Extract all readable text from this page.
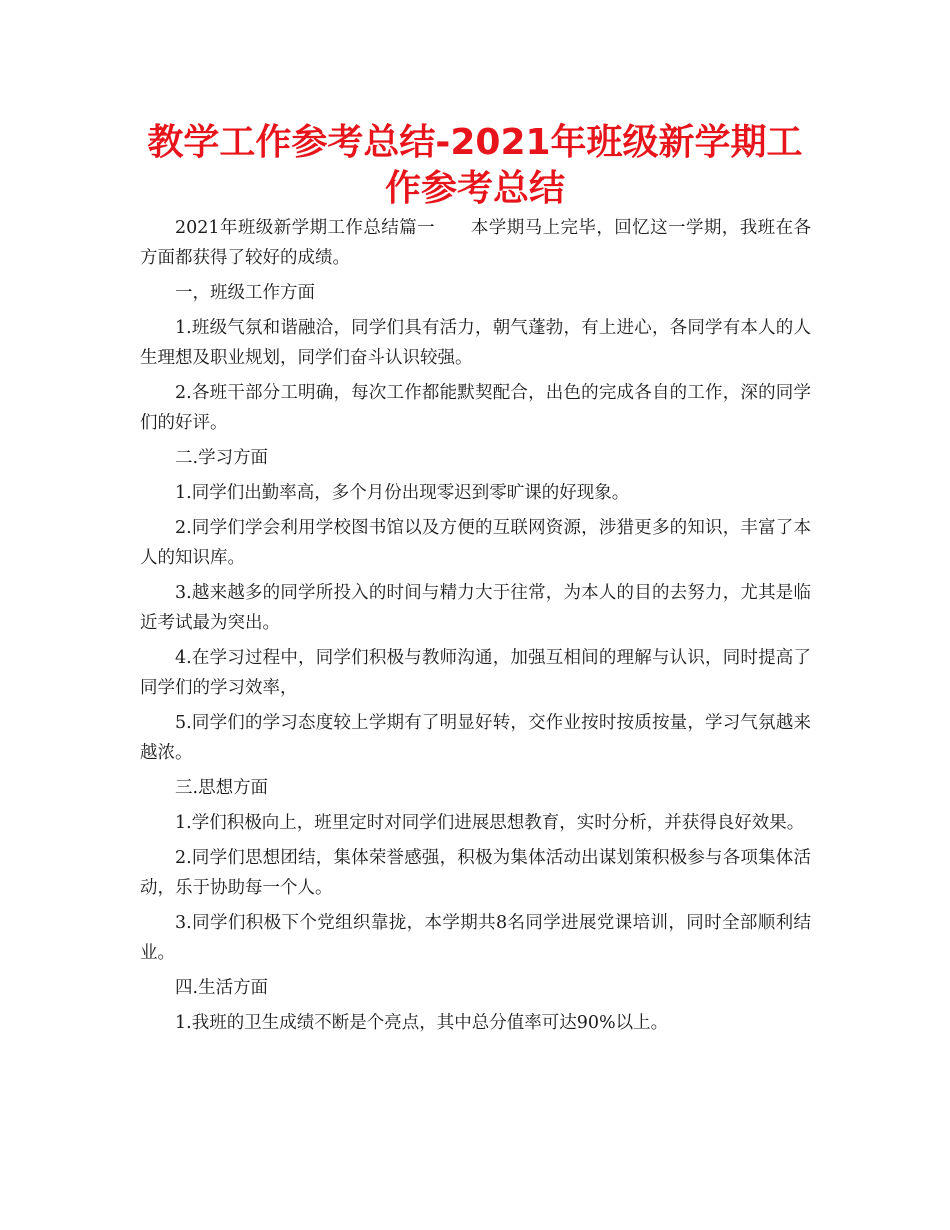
教学工作参考总结-2021年班级新学期工作参考总结

2021年班级新学期工作总结篇一　　本学期马上完毕，回忆这一学期，我班在各方面都获得了较好的成绩。

一，班级工作方面

1.班级气氛和谐融洽，同学们具有活力，朝气蓬勃，有上进心，各同学有本人的人生理想及职业规划，同学们奋斗认识较强。

2.各班干部分工明确，每次工作都能默契配合，出色的完成各自的工作，深的同学们的好评。

二.学习方面

1.同学们出勤率高，多个月份出现零迟到零旷课的好现象。

2.同学们学会利用学校图书馆以及方便的互联网资源，涉猎更多的知识，丰富了本人的知识库。

3.越来越多的同学所投入的时间与精力大于往常，为本人的目的去努力，尤其是临近考试最为突出。

4.在学习过程中，同学们积极与教师沟通，加强互相间的理解与认识，同时提高了同学们的学习效率，

5.同学们的学习态度较上学期有了明显好转，交作业按时按质按量，学习气氛越来越浓。

三.思想方面

1.学们积极向上，班里定时对同学们进展思想教育，实时分析，并获得良好效果。

2.同学们思想团结，集体荣誉感强，积极为集体活动出谋划策积极参与各项集体活动，乐于协助每一个人。

3.同学们积极下个党组织靠拢，本学期共8名同学进展党课培训，同时全部顺利结业。

四.生活方面

1.我班的卫生成绩不断是个亮点，其中总分值率可达90%以上。
